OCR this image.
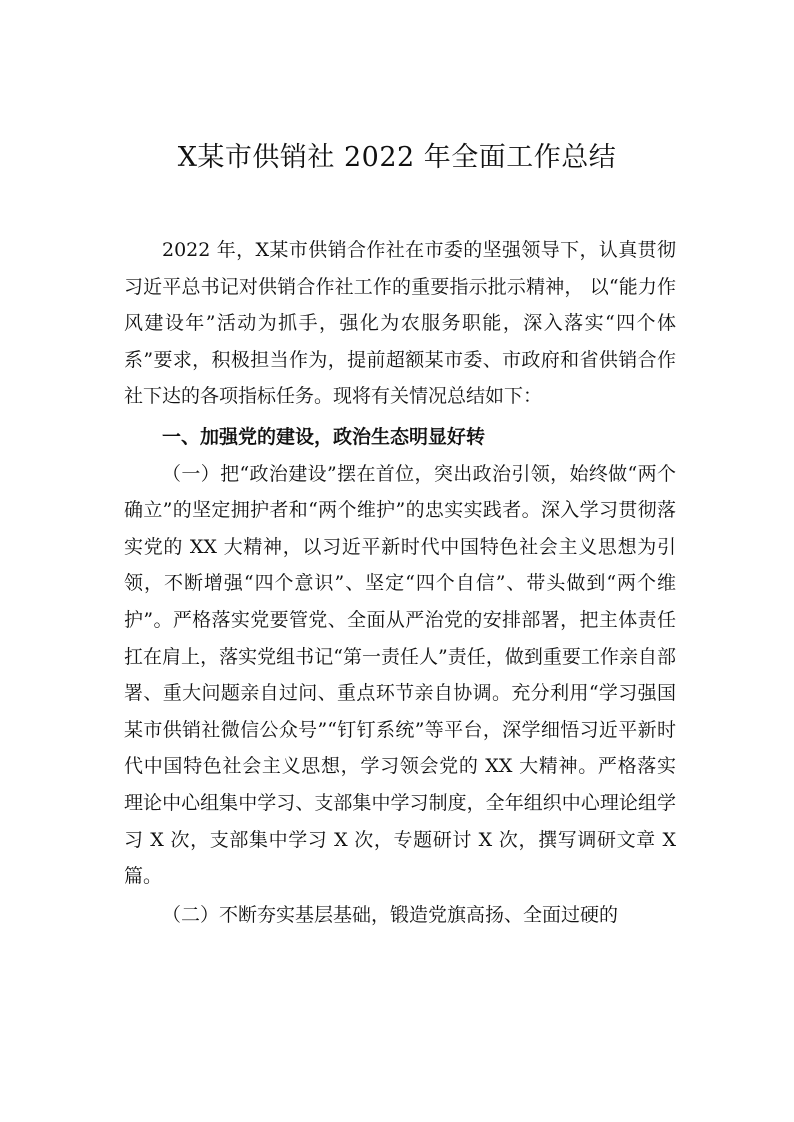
X某市供销社 2022 年全面工作总结

2022 年，X某市供销合作社在市委的坚强领导下，认真贯彻习近平总书记对供销合作社工作的重要指示批示精神， 以“能力作风建设年”活动为抓手，强化为农服务职能，深入落实“四个体系”要求，积极担当作为，提前超额某市委、市政府和省供销合作社下达的各项指标任务。现将有关情况总结如下：

一、加强党的建设，政治生态明显好转

（一）把“政治建设”摆在首位，突出政治引领，始终做“两个确立”的坚定拥护者和“两个维护”的忠实实践者。深入学习贯彻落实党的 XX 大精神，以习近平新时代中国特色社会主义思想为引领，不断增强“四个意识”、坚定“四个自信”、带头做到“两个维护”。严格落实党要管党、全面从严治党的安排部署，把主体责任扛在肩上，落实党组书记“第一责任人”责任，做到重要工作亲自部署、重大问题亲自过问、重点环节亲自协调。充分利用“学习强国某市供销社微信公众号”“钉钉系统”等平台，深学细悟习近平新时代中国特色社会主义思想，学习领会党的 XX 大精神。严格落实理论中心组集中学习、支部集中学习制度，全年组织中心理论组学习 X 次，支部集中学习 X 次，专题研讨 X 次，撰写调研文章 X 篇。

（二）不断夯实基层基础，锻造党旗高扬、全面过硬的
